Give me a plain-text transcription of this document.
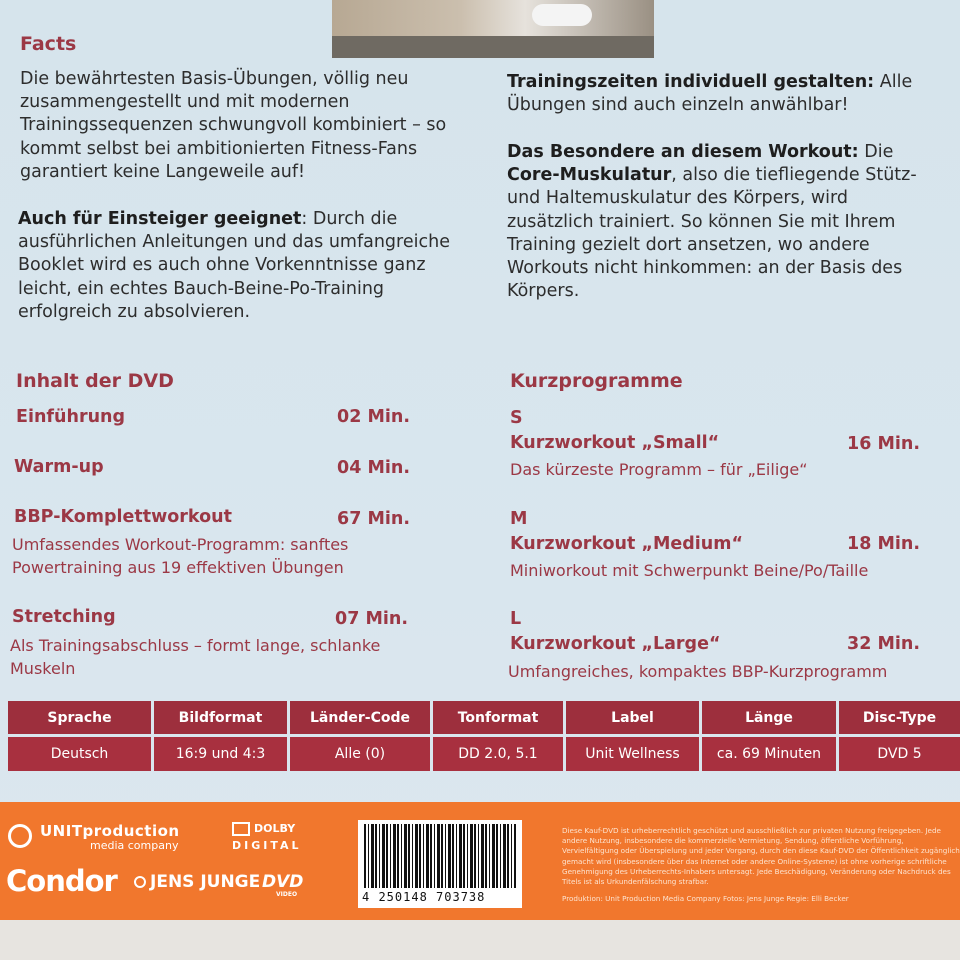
Facts

Die bewährtesten Basis-Übungen, völlig neu zusammengestellt und mit modernen Trainingssequenzen schwungvoll kombiniert – so kommt selbst bei ambitionierten Fitness-Fans garantiert keine Langeweile auf!

Auch für Einsteiger geeignet: Durch die ausführlichen Anleitungen und das umfangreiche Booklet wird es auch ohne Vorkenntnisse ganz leicht, ein echtes Bauch-Beine-Po-Training erfolgreich zu absolvieren.

Trainingszeiten individuell gestalten: Alle Übungen sind auch einzeln anwählbar!

Das Besondere an diesem Workout: Die Core-Muskulatur, also die tiefliegende Stütz- und Haltemuskulatur des Körpers, wird zusätzlich trainiert. So können Sie mit Ihrem Training gezielt dort ansetzen, wo andere Workouts nicht hinkommen: an der Basis des Körpers.

Inhalt der DVD
Einführung	02 Min.
Warm-up	04 Min.
BBP-Komplettworkout	67 Min.
Umfassendes Workout-Programm: sanftes Powertraining aus 19 effektiven Übungen
Stretching	07 Min.
Als Trainingsabschluss – formt lange, schlanke Muskeln
Kurzprogramme
S
Kurzworkout „Small“	16 Min.
Das kürzeste Programm – für „Eilige“
M
Kurzworkout „Medium“	18 Min.
Miniworkout mit Schwerpunkt Beine/Po/Taille
L
Kurzworkout „Large“	32 Min.
Umfangreiches, kompaktes BBP-Kurzprogramm
Sprache	Bildformat	Länder-Code	Tonformat	Label	Länge	Disc-Type
Deutsch	16:9 und 4:3	Alle (0)	DD 2.0, 5.1	Unit Wellness	ca. 69 Minuten	DVD 5
UNITproduction
media company
DOLBY
DIGITAL
Condor JENS JUNGE DVD
VIDEO
Diese Kauf-DVD ist urheberrechtlich geschützt und ausschließlich zur privaten Nutzung freigegeben. Jede andere Nutzung, insbesondere die kommerzielle Vermietung, Sendung, öffentliche Vorführung, Vervielfältigung oder Überspielung und jeder Vorgang, durch den diese Kauf-DVD der Öffentlichkeit zugänglich gemacht wird (insbesondere über das Internet oder andere Online-Systeme) ist ohne vorherige schriftliche Genehmigung des Urheberrechts-Inhabers untersagt. Jede Beschädigung, Veränderung oder Nachdruck des Titels ist als Urkundenfälschung strafbar.
Produktion: Unit Production Media Company Fotos: Jens Junge Regie: Elli Becker
4 250148 703738
